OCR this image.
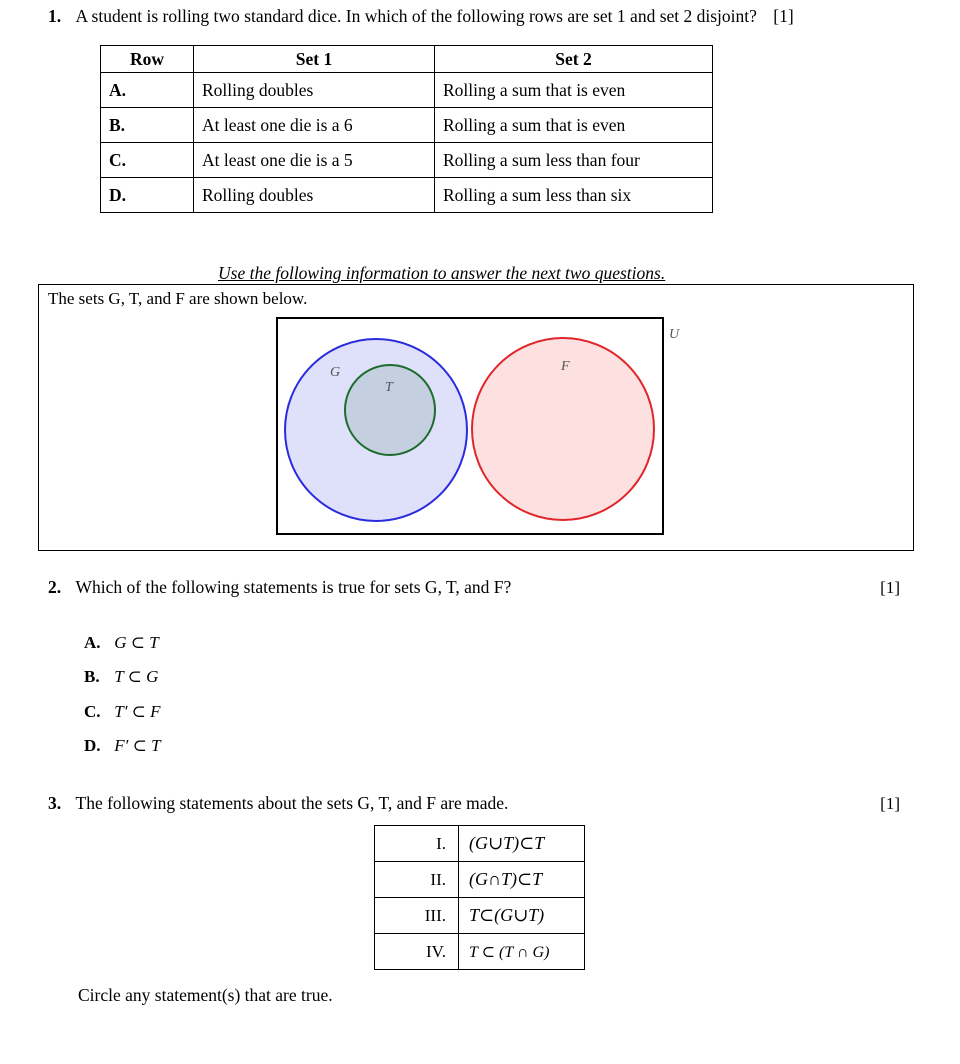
1. A student is rolling two standard dice. In which of the following rows are set 1 and set 2 disjoint? [1]
Row	Set 1	Set 2
A.	Rolling doubles	Rolling a sum that is even
B.	At least one die is a 6	Rolling a sum that is even
C.	At least one die is a 5	Rolling a sum less than four
D.	Rolling doubles	Rolling a sum less than six
Use the following information to answer the next two questions.
The sets G, T, and F are shown below.
U
G
T
F
2. Which of the following statements is true for sets G, T, and F?	[1]
A. G ⊂ T
B. T ⊂ G
C. T′ ⊂ F
D. F′ ⊂ T
3. The following statements about the sets G, T, and F are made.	[1]
I.	(G∪T)⊂T
II.	(G∩T)⊂T
III.	T⊂(G∪T)
IV.	T ⊂ (T ∩ G)
Circle any statement(s) that are true.
